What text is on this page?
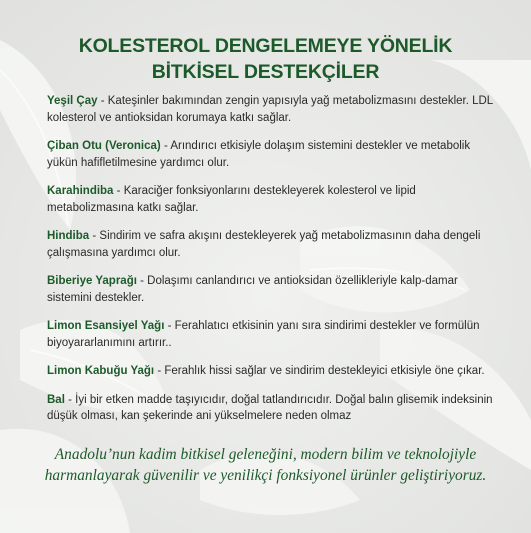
KOLESTEROL DENGELEMEYE YÖNELİK
BİTKİSEL DESTEKÇİLER

Yeşil Çay - Kateşinler bakımından zengin yapısıyla yağ metabolizmasını destekler. LDL kolesterol ve antioksidan korumaya katkı sağlar.

Çiban Otu (Veronica) - Arındırıcı etkisiyle dolaşım sistemini destekler ve metabolik yükün hafifletilmesine yardımcı olur.

Karahindiba - Karaciğer fonksiyonlarını destekleyerek kolesterol ve lipid metabolizmasına katkı sağlar.

Hindiba - Sindirim ve safra akışını destekleyerek yağ metabolizmasının daha dengeli çalışmasına yardımcı olur.

Biberiye Yaprağı - Dolaşımı canlandırıcı ve antioksidan özellikleriyle kalp-damar sistemini destekler.

Limon Esansiyel Yağı - Ferahlatıcı etkisinin yanı sıra sindirimi destekler ve formülün biyoyararlanımını artırır..

Limon Kabuğu Yağı - Ferahlık hissi sağlar ve sindirim destekleyici etkisiyle öne çıkar.

Bal - İyi bir etken madde taşıyıcıdır, doğal tatlandırıcıdır. Doğal balın glisemik indeksinin düşük olması, kan şekerinde ani yükselmelere neden olmaz

Anadolu’nun kadim bitkisel geleneğini, modern bilim ve teknolojiyle harmanlayarak güvenilir ve yenilikçi fonksiyonel ürünler geliştiriyoruz.
